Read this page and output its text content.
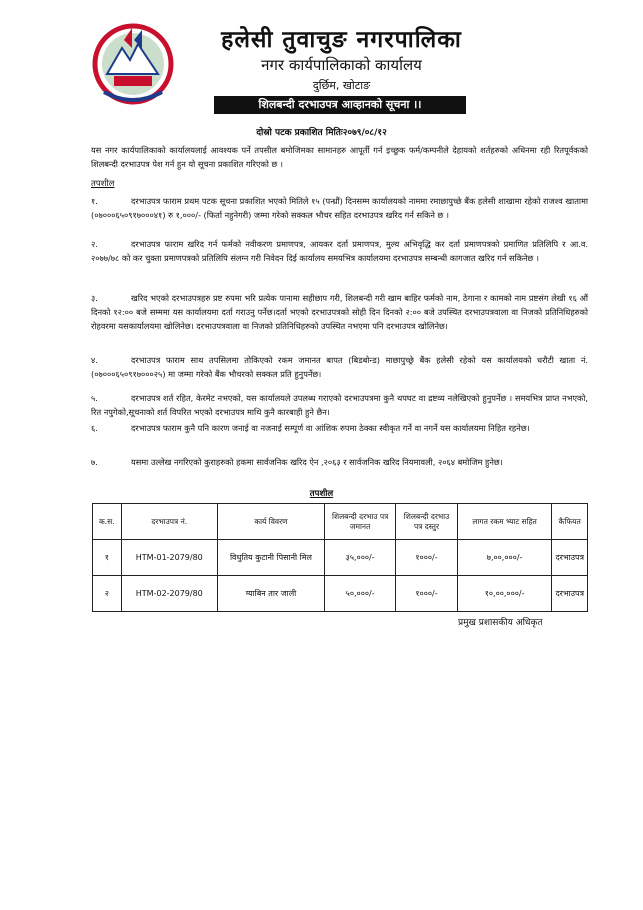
हलेसी तुवाचुङ नगरपालिका
नगर कार्यपालिकाको कार्यालय
दुर्छिम, खोटाङ
शिलबन्दी दरभाउपत्र आव्हानको सूचना ।।
दोस्रो पटक प्रकाशित मितिः२०७९/०८/१२
यस नगर कार्यपालिकाको कार्यालयलाई आवश्यक पर्ने तपसील बमोजिमका सामानहरु आपूर्ती गर्न इच्छुक फर्म/कम्पनीले देहायको शर्तहरुको अधिनमा रही रितपूर्वकको शिलबन्दी दरभाउपत्र पेश गर्न हुन यो सूचना प्रकाशित गरिएको छ ।
तपशील
१.	दरभाउपत्र फाराम प्रथम पटक सूचना प्रकाशित भएको मितिले १५ (पन्ध्रौं) दिनसम्म कार्यालयको नाममा रमाछापुच्छे बैंक हलेसी शाखामा रहेको राजश्व खातामा (०७०००६५०९१७०००४१) रु १,०००/- (फिर्ता नहुनेगरी) जम्मा गरेको सक्कल भौचर सहित दरभाउपत्र खरिद गर्न सकिने छ ।
२.	दरभाउपत्र फाराम खरिद गर्न फर्मको नवीकरण प्रमाणपत्र, आयकर दर्ता प्रमाणपत्र, मुल्य अभिवृद्धि कर दर्ता प्रमाणपत्रको प्रमाणित प्रतिलिपि र आ.व. २०७७/७८ को कर चुक्ता प्रमाणपत्रको प्रतिलिपि संलग्न गरी निवेदन दिई कार्यालय समयभित्र कार्यालयमा दरभाउपत्र सम्बन्धी कागजात खरिद गर्न सकिनेछ ।
३.	खरिद भएको दरभाउपत्रहरु प्रष्ट रुपमा भरि प्रत्येक पानामा सहीछाप गरी, शिलबन्दी गरी खाम बाहिर फर्मको नाम, ठेगाना र कामको नाम प्रष्टसंग लेखी १६ औं दिनको १२:०० बजे सम्ममा यस कार्यालयमा दर्ता गराउनु पर्नेछ।दर्ता भएको दरभाउपत्रको सोही दिन दिनको २:०० बजे उपस्थित दरभाउपत्रवाला वा निजको प्रतिनिधिहरुको रोहवरमा यसकार्यालयमा खोलिनेछ। दरभाउपत्रवाला वा निजको प्रतिनिधिहरुको उपस्थित नभएमा पनि दरभाउपत्र खोलिनेछ।
४.	दरभाउपत्र फाराम साथ तपसिलमा तोकिएको रकम जमानत बापत (बिडबोन्ड) माछापुच्छ्रे बैंक हलेसी रहेको यस कार्यालयको धरौटी खाता नं. (०७०००६५०९१७०००२५) मा जम्मा गरेको बैंक भौचरको सक्कल प्रति हुनुपर्नेछ।
५.	दरभाउपत्र शर्त रहित, केरमेट नभएको, यस कार्यालयले उपलब्ध गराएको दरभाउपत्रमा कुनै थपघट वा द्रष्टव्य नलेखिएको हुनुपर्नेछ । समयभित्र प्राप्त नभएको, रित नपुगेको,सूचनाको शर्त विपरित भएको दरभाउपत्र माथि कुनै कारबाही हुने छैन।
६.	दरभाउपत्र फाराम कुनै पनि कारण जनाई वा नजनाई सम्पूर्ण वा आंशिक रुपमा ठेक्का स्वीकृत गर्ने वा नगर्ने यस कार्यालयमा निहित रहनेछ।
७.	यसमा उल्लेख नगरिएको कुराहरुको हकमा सार्वजनिक खरिद ऐन ,२०६३ र सार्वजनिक खरिद नियमावली, २०६४ बमोजिम हुनेछ।
तपशील
क.स.	दरभाउपत्र नं.	कार्य विवरण	शिलबन्दी दरभाउ पत्र जमानत	शिलबन्दी दरभाउ पत्र दस्तुर	लागत रकम भ्याट सहित	कैफियत
१	HTM-01-2079/80	विधुतिय कुटानी पिसानी मिल	३५,०००/-	१०००/-	७,००,०००/-	दरभाउपत्र
२	HTM-02-2079/80	ग्याबिन तार जाली	५०,०००/-	१०००/-	१०,००,०००/-	दरभाउपत्र
प्रमुख प्रशासकीय अधिकृत
